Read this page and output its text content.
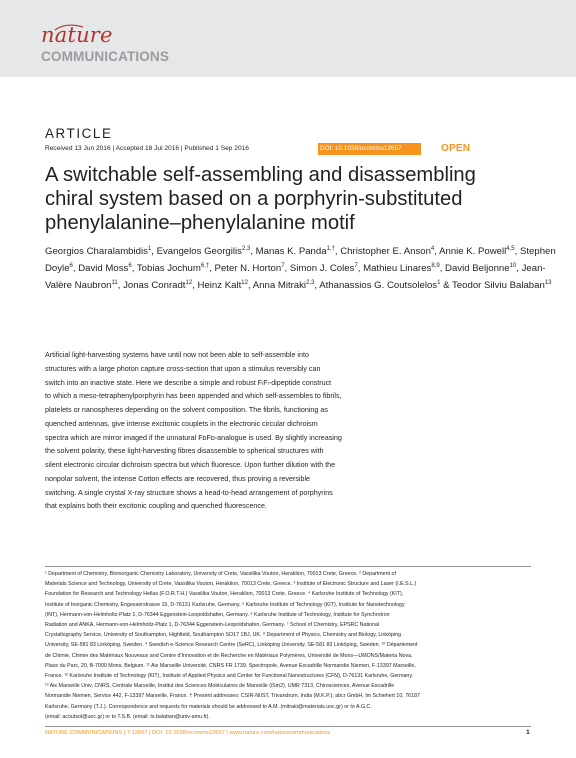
nature
COMMUNICATIONS
ARTICLE
Received 13 Jun 2016 | Accepted 18 Jul 2016 | Published 1 Sep 2016	DOI: 10.1038/ncomms12657	OPEN
A switchable self-assembling and disassembling
chiral system based on a porphyrin-substituted
phenylalanine–phenylalanine motif
Georgios Charalambidis$^1$, Evangelos Georgilis$^{2,3}$, Manas K. Panda$^{1,\dagger}$, Christopher E. Anson$^4$, Annie K. Powell$^{4,5}$, Stephen Doyle$^6$, David Moss$^6$, Tobias Jochum$^{6,\dagger}$, Peter N. Horton$^7$, Simon J. Coles$^7$, Mathieu Linares$^{8,9}$, David Beljonne$^{10}$, Jean-Valère Naubron$^{11}$, Jonas Conradt$^{12}$, Heinz Kalt$^{12}$, Anna Mitraki$^{2,3}$, Athanassios G. Coutsolelos$^1$ & Teodor Silviu Balaban$^{13}$
Artificial light-harvesting systems have until now not been able to self-assemble into
structures with a large photon capture cross-section that upon a stimulus reversibly can
switch into an inactive state. Here we describe a simple and robust FₗFₗ-dipeptide construct
to which a meso-tetraphenylporphyrin has been appended and which self-assembles to fibrils,
platelets or nanospheres depending on the solvent composition. The fibrils, functioning as
quenched antennas, give intense excitonic couplets in the electronic circular dichroism
spectra which are mirror imaged if the unnatural FᴅFᴅ-analogue is used. By slightly increasing
the solvent polarity, these light-harvesting fibres disassemble to spherical structures with
silent electronic circular dichroism spectra but which fluoresce. Upon further dilution with the
nonpolar solvent, the intense Cotton effects are recovered, thus proving a reversible
switching. A single crystal X-ray structure shows a head-to-head arrangement of porphyrins
that explains both their excitonic coupling and quenched fluorescence.
¹ Department of Chemistry, Bioinorganic Chemistry Laboratory, University of Crete, Vassilika Vouton, Heraklion, 70013 Crete, Greece. ² Department of
Materials Science and Technology, University of Crete, Vassilika Vouton, Heraklion, 70013 Crete, Greece. ³ Institute of Electronic Structure and Laser (I.E.S.L.)
Foundation for Research and Technology Hellas (F.O.R.T.H.) Vassilika Vouton, Heraklion, 70013 Crete, Greece. ⁴ Karlsruhe Institute of Technology (KIT),
Institute of Inorganic Chemistry, Engesserstrasse 15, D-76131 Karlsruhe, Germany. ⁵ Karlsruhe Institute of Technology (KIT), Institute for Nanotechnology
(INT), Hermann-von-Helmholtz-Platz 1, D-76344 Eggenstein-Leopoldshafen, Germany. ⁶ Karlsruhe Institute of Technology, Institute for Synchrotron
Radiation and ANKA, Hermann-von-Helmholtz-Platz 1, D-76344 Eggenstein-Leopoldshafen, Germany. ⁷ School of Chemistry, EPSRC National
Crystallography Service, University of Southampton, Highfield, Southampton SO17 1BJ, UK. ⁸ Department of Physics, Chemistry and Biology, Linköping
University, SE-581 83 Linköping, Sweden. ⁹ Swedish e-Science Research Centre (SeRC), Linköping University, SE-581 83 Linköping, Sweden. ¹⁰ Département
de Chimie, Chimie des Matériaux Nouveaux and Centre d'Innovation et de Recherche en Matériaux Polymères, Université de Mons—UMONS/Materia Nova,
Place du Parc, 20, B-7000 Mons, Belgium. ¹¹ Aix Marseille Université, CNRS FR 1739, Spectropole, Avenue Escadrille Normandie Niemen, F-13397 Marseille,
France. ¹² Karlsruhe Institute of Technology (KIT), Institute of Applied Physics and Center for Functional Nanostructures (CFN), D-76131 Karlsruhe, Germany.
¹³ Aix Marseille Univ, CNRS, Centrale Marseille, Institut des Sciences Moléculaires de Marseille (iSm2), UMR 7313, Chirosciences, Avenue Escadrille
Normandie Niemen, Service 442, F-13397 Marseille, France. † Present addresses: CSIR-NIIST, Trivandrum, India (M.K.P.); abcr GmbH, Im Schiehert 10, 76187
Karlsruhe, Germany (T.J.). Correspondence and requests for materials should be addressed to A.M. (mitraki@materials.uoc.gr) or to A.G.C.
(email: acoutsol@uoc.gr) or to T.S.B. (email: ts.balaban@univ-amu.fr).
NATURE COMMUNICATIONS | 7:12657 | DOI: 10.1038/ncomms12657 | www.nature.com/naturecommunications	1
